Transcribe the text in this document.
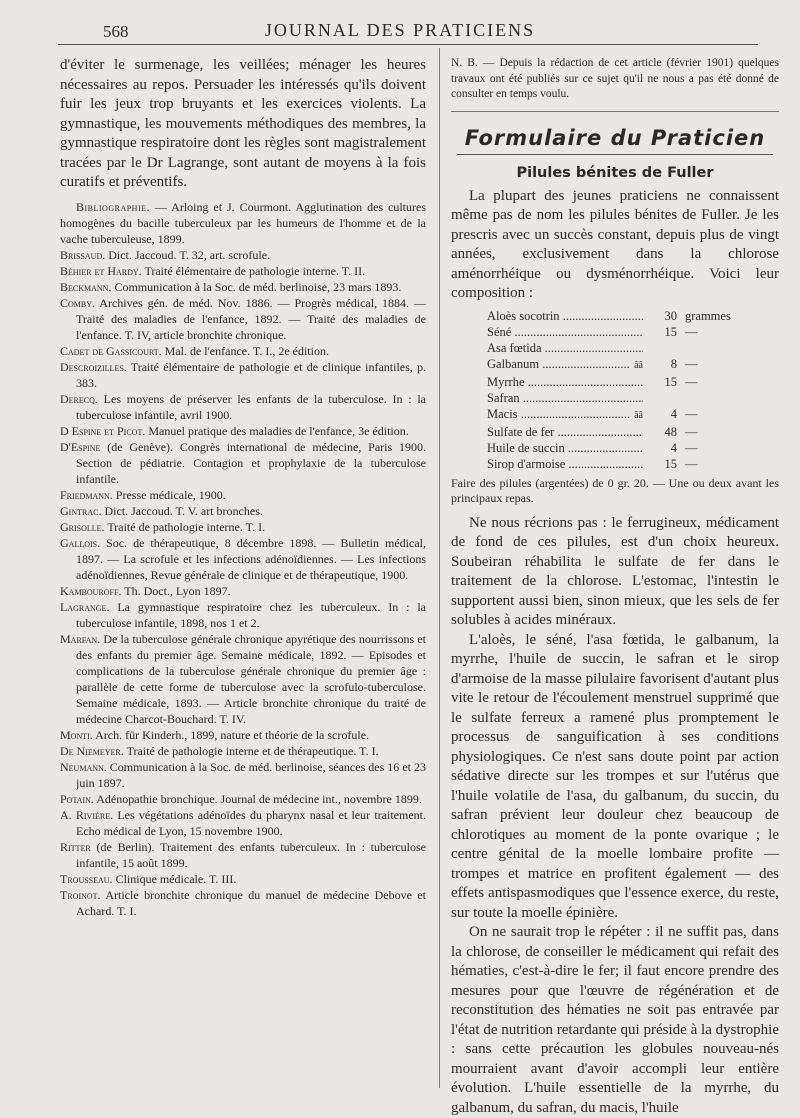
568	JOURNAL DES PRATICIENS

d'éviter le surmenage, les veillées; ménager les heures nécessaires au repos. Persuader les intéressés qu'ils doivent fuir les jeux trop bruyants et les exercices violents. La gymnastique, les mouvements méthodiques des membres, la gymnastique respiratoire dont les règles sont magistralement tracées par le Dr Lagrange, sont autant de moyens à la fois curatifs et préventifs.

Bibliographie. — Arloing et J. Courmont. Agglutination des cultures homogènes du bacille tuberculeux par les humeurs de l'homme et de la vache tuberculeuse, 1899.

Brissaud. Dict. Jaccoud. T. 32, art. scrofule.

Béhier et Hardy. Traité élémentaire de pathologie interne. T. II.

Beckmann. Communication à la Soc. de méd. berlinoise, 23 mars 1893.

Comby. Archives gén. de méd. Nov. 1886. — Progrès médical, 1884. — Traité des maladies de l'enfance, 1892. — Traité des maladies de l'enfance. T. IV, article bronchite chronique.

Cadet de Gassicourt. Mal. de l'enfance. T. I., 2e édition.

Descroizilles. Traité élémentaire de pathologie et de clinique infantiles, p. 383.

Derecq. Les moyens de préserver les enfants de la tuberculose. In : la tuberculose infantile, avril 1900.

D Espine et Picot. Manuel pratique des maladies de l'enfance, 3e édition.

D'Espine (de Genève). Congrès international de médecine, Paris 1900. Section de pédiatrie. Contagion et prophylaxie de la tuberculose infantile.

Friedmann. Presse médicale, 1900.

Gintrac. Dict. Jaccoud. T. V. art bronches.

Grisolle. Traité de pathologie interne. T. I.

Gallois. Soc. de thérapeutique, 8 décembre 1898. — Bulletin médical, 1897. — La scrofule et les infections adénoïdiennes. — Les infections adénoïdiennes, Revue générale de clinique et de thérapeutique, 1900.

Kambouroff. Th. Doct., Lyon 1897.

Lagrange. La gymnastique respiratoire chez les tuberculeux. In : la tuberculose infantile, 1898, nos 1 et 2.

Marfan. De la tuberculose générale chronique apyrétique des nourrissons et des enfants du premier âge. Semaine médicale, 1892. — Episodes et complications de la tuberculose générale chronique du premier âge : parallèle de cette forme de tuberculose avec la scrofulo-tuberculose. Semaine médicale, 1893. — Article bronchite chronique du traité de médecine Charcot-Bouchard. T. IV.

Monti. Arch. für Kinderh., 1899, nature et théorie de la scrofule.

De Niemeyer. Traité de pathologie interne et de thérapeutique. T. I.

Neumann. Communication à la Soc. de méd. berlinoise, séances des 16 et 23 juin 1897.

Potain. Adénopathie bronchique. Journal de médecine int., novembre 1899.

A. Rivière. Les végétations adénoïdes du pharynx nasal et leur traitement. Echo médical de Lyon, 15 novembre 1900.

Ritter (de Berlin). Traitement des enfants tuberculeux. In : tuberculose infantile, 15 août 1899.

Trousseau. Clinique médicale. T. III.

Troinot. Article bronchite chronique du manuel de médecine Debove et Achard. T. I.

N. B. — Depuis la rédaction de cet article (février 1901) quelques travaux ont été publiés sur ce sujet qu'il ne nous a pas été donné de consulter en temps voulu.

Formulaire du Praticien
Pilules bénites de Fuller

La plupart des jeunes praticiens ne connaissent même pas de nom les pilules bénites de Fuller. Je les prescris avec un succès constant, depuis plus de vingt années, exclusivement dans la chlorose aménorrhéique ou dysménorrhéique. Voici leur composition :

Aloès socotrin .....	30 grammes
Séné .....	15 —
Asa fœtida .....
Galbanum .....	ââ	8 —
Myrrhe .....	15 —
Safran .....
Macis .....	ââ	4 —
Sulfate de fer .....	48 —
Huile de succin .....	4 —
Sirop d'armoise .....	15 —

Faire des pilules (argentées) de 0 gr. 20. — Une ou deux avant les principaux repas.

Ne nous récrions pas : le ferrugineux, médicament de fond de ces pilules, est d'un choix heureux. Soubeiran réhabilita le sulfate de fer dans le traitement de la chlorose. L'estomac, l'intestin le supportent aussi bien, sinon mieux, que les sels de fer solubles à acides minéraux.

L'aloès, le séné, l'asa fœtida, le galbanum, la myrrhe, l'huile de succin, le safran et le sirop d'armoise de la masse pilulaire favorisent d'autant plus vite le retour de l'écoulement menstruel supprimé que le sulfate ferreux a ramené plus promptement le processus de sanguification à ses conditions physiologiques. Ce n'est sans doute point par action sédative directe sur les trompes et sur l'utérus que l'huile volatile de l'asa, du galbanum, du succin, du safran prévient leur douleur chez beaucoup de chlorotiques au moment de la ponte ovarique ; le centre génital de la moelle lombaire profite — trompes et matrice en profitent également — des effets antispasmodiques que l'essence exerce, du reste, sur toute la moelle épinière.

On ne saurait trop le répéter : il ne suffit pas, dans la chlorose, de conseiller le médicament qui refait des hématies, c'est-à-dire le fer; il faut encore prendre des mesures pour que l'œuvre de régénération et de reconstitution des hématies ne soit pas entravée par l'état de nutrition retardante qui préside à la dystrophie : sans cette précaution les globules nouveau-nés mourraient avant d'avoir accompli leur entière évolution. L'huile essentielle de la myrrhe, du galbanum, du safran, du macis, l'huile
